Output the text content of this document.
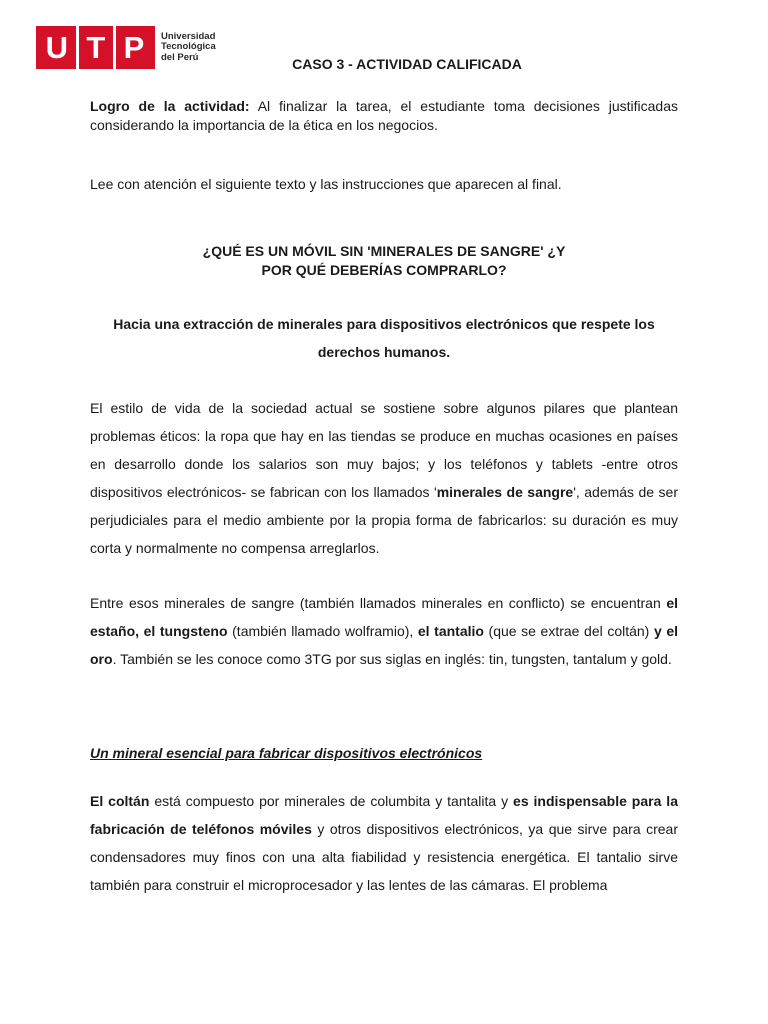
U T P Universidad
Tecnológica
del Perú	CASO 3 - ACTIVIDAD CALIFICADA
Logro de la actividad: Al finalizar la tarea, el estudiante toma decisiones justificadas considerando la importancia de la ética en los negocios.
Lee con atención el siguiente texto y las instrucciones que aparecen al final.
¿QUÉ ES UN MÓVIL SIN 'MINERALES DE SANGRE' ¿Y
POR QUÉ DEBERÍAS COMPRARLO?
Hacia una extracción de minerales para dispositivos electrónicos que respete los derechos humanos.
El estilo de vida de la sociedad actual se sostiene sobre algunos pilares que plantean problemas éticos: la ropa que hay en las tiendas se produce en muchas ocasiones en países en desarrollo donde los salarios son muy bajos; y los teléfonos y tablets -entre otros dispositivos electrónicos- se fabrican con los llamados 'minerales de sangre', además de ser perjudiciales para el medio ambiente por la propia forma de fabricarlos: su duración es muy corta y normalmente no compensa arreglarlos.
Entre esos minerales de sangre (también llamados minerales en conflicto) se encuentran el estaño, el tungsteno (también llamado wolframio), el tantalio (que se extrae del coltán) y el oro. También se les conoce como 3TG por sus siglas en inglés: tin, tungsten, tantalum y gold.
Un mineral esencial para fabricar dispositivos electrónicos
El coltán está compuesto por minerales de columbita y tantalita y es indispensable para la fabricación de teléfonos móviles y otros dispositivos electrónicos, ya que sirve para crear condensadores muy finos con una alta fiabilidad y resistencia energética. El tantalio sirve también para construir el microprocesador y las lentes de las cámaras. El problema
